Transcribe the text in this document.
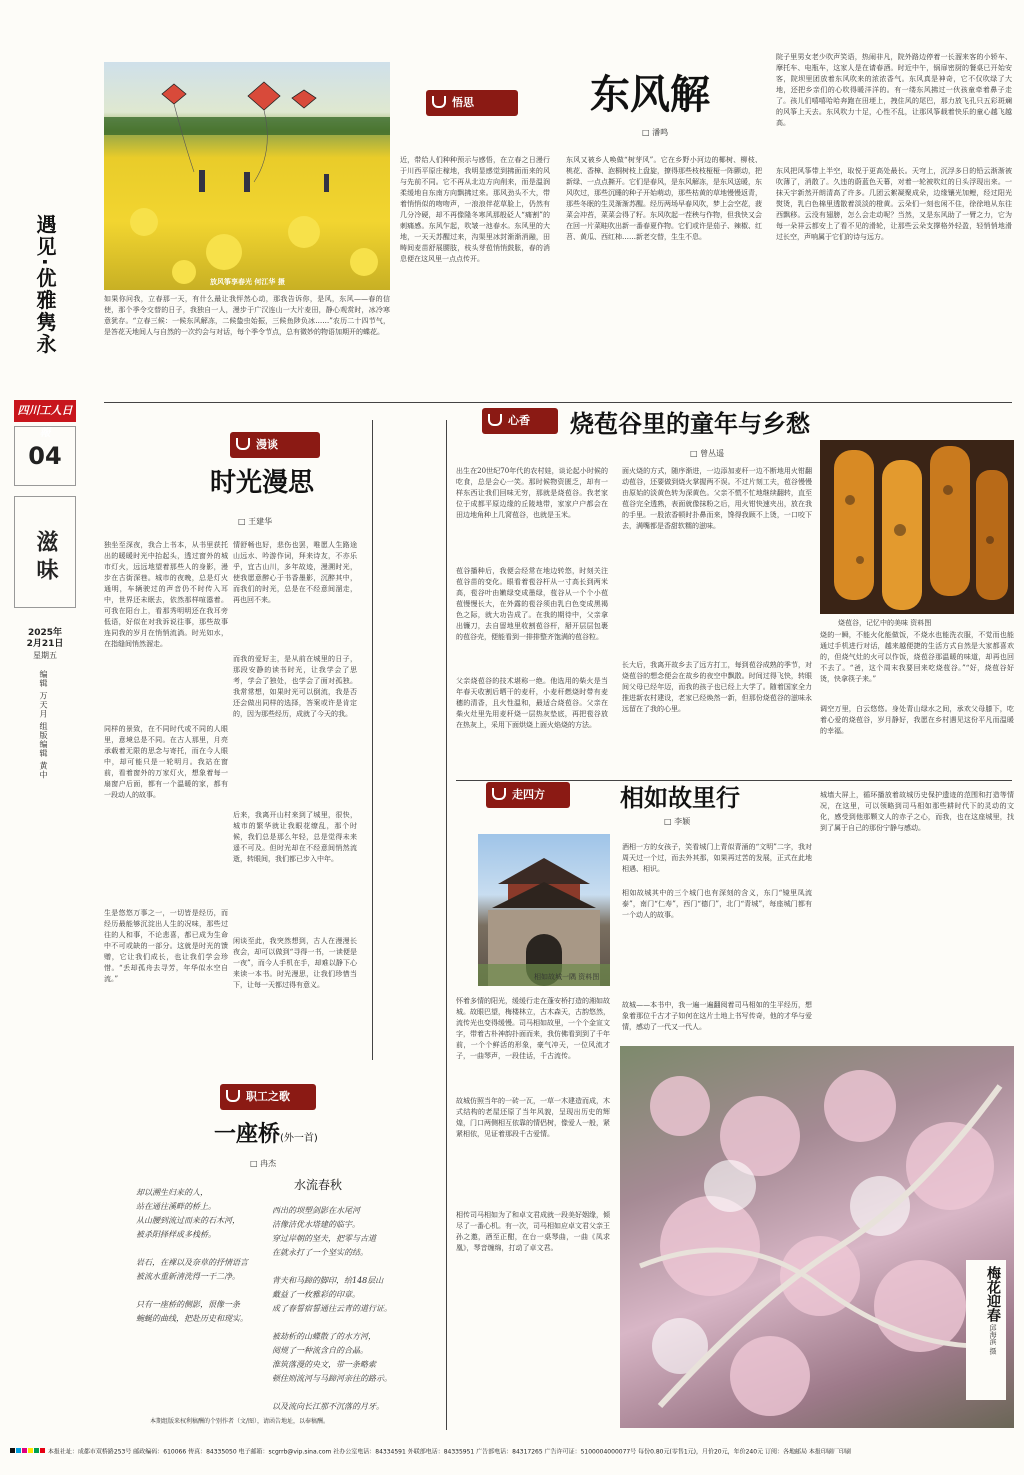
遇见·优雅隽永
四川工人日報
04
滋味
2025年
2月21日
星期五
编辑 万天月 组版编辑 黄中
放风筝享春光 何江华 摄
如果你问我，立春那一天，有什么最让我怦然心动，那我告诉你，是风，东风——春的信使，那个季令交替的日子，我独自一人，漫步于广汉连山一大片麦田，静心观赏时，冰冷寒意犹存。“立春三候：一候东风解冻，二候蛰虫始振，三候鱼陟负冰……”农历二十四节气，是答花天地间人与自然的一次约会与对话，每个季令节点，总有微妙的物语加期开的蝶花。
悟思	东风解
□ 潘鸣
近，带给人们种种预示与感悟，在立春之日漫行于川西平原庄稼地，我明显感觉到拂面而来的风与先前不同。它不再从北边方向削来，而是温润柔缓地自东南方向飘拂过来。那风劲头不大，带着悄悄似的吻吻声，一浪浪伴花草脸上，仍然有几分冷硬，却不再像隆冬寒风那般砭人“痛割”的刺痛感。东风乍起，吹皱一池春水。东风里的大地，一天天苏醒过来，沟渠里冰封渐渐消融，田畴间麦苗舒展腰肢，枝头芽苞悄悄鼓胀，春的消息便在这风里一点点传开。
东风又被乡人唤做“树芽风”。它在乡野小河边的椰树、柳枝、桃花、香樟、泡桐树枝上盘旋，撩得那些枝枝桠桠一阵颤动，把新绿、一点点撕开。它们是春风，是东风解冻，是东风送暖，东风吹过，那些沉睡的种子开始萌动，那些枯黄的草地慢慢返青，那些冬眠的生灵渐渐苏醒。经历两场早春风吹，梦上会空花，菠菜会冲苔，菜菜会得了籽。东风吹起一茬秧与作物，但我快又会在回一片菜畦吹出新一番春夏作物。它们或许是茄子、辣椒、红苕、黄瓜、西红柿……新老交替，生生不息。
院子里男女老少吹声笑语，热闹非凡，院外路边停着一长溜来客的小轿车、摩托车、电瓶车，这家人是在请春酒。时近中午，锅扉密厨的餐桌已开始安客，院坝里团放着东风吹来的浓浓香气。东风真是神奇，它不仅吹绿了大地，还把乡亲们的心吹得暖洋洋的。有一缕东风拂过一伙孩童牵着鼻子走了。孩儿们嘻嘻哈哈奔跑在田埂上，拽住风的尾巴，那力放飞孔只五彩斑斓的风筝上天去。东风吹力十足，心性不乱，让那风筝载着快乐的童心越飞越高。
东风把风筝带上半空，取悦于更高处最长。天穹上，沉浮多日的铅云渐渐被吹薄了，消散了。久违的蔚蓝色天幕，对着一轮被吹红的日头浮现出来。一抹天宇新然开朗清高了许多。几团云絮凝聚成朵，边缘镶光加鲤，经过阳光熨烫，乳白色棉里透散着淡淡的橙黄。云朵们一刻也闲不住，徐徐地从东往西飘移。云没有翅膀，怎么会走动呢？当然，又是东风助了一臂之力，它为每一朵祥云都安上了看不见的滑轮，让那些云朵支撑格外轻盈，轻悄悄地滑过长空，声响属于它们的诗与远方。
漫谈
时光漫思
□ 王建华
独坐至深夜，我合上书本，从书里获托出的暖暖时光中抬起头，透过窗外的城市灯火，远远地望着那些人的身影，漫步在古街深巷。城市的夜晚，总是灯火通明，车辆驶过的声音仍不时传入耳中，世界还未眠去，依然那样喧嚣着。可我在阳台上，看那秀明明还在我耳旁低语，好似在对我诉说往事，那些故事连同我的岁月在悄悄流淌。时光如水，在指缝间悄然溜走。
同样的景致，在不同时代或不同的人眼里，意境总是不同。在古人那里，月亮承载着无限的思念与寄托，而在今人眼中，却可能只是一轮明月。我站在窗前，看着窗外的万家灯火，想象着每一扇窗户后面，都有一个温暖的家，都有一段动人的故事。
生是悠悠万事之一，一切皆是经历，而经历最能够沉淀出人生的况味，那些过往的人和事，不论悲喜，都已成为生命中不可或缺的一部分。这就是时光的馈赠，它让我们成长，也让我们学会珍惜。“丢却孤舟去寻芳，年华似水空自流。”
情舒畅也好，悲伤也罢，唯愿人生路途山远水、吟游作词，拜来诗友，不亦乐乎，宜古山川，多年故迹，漫溯时光，使我愿意醉心于书香墨影，沉醉其中，而我们的时光，总是在不经意间溜走，再也回不来。
而我的爱好主，是从前在城里的日子，那段安静的读书时光，让我学会了思考，学会了独处，也学会了面对孤独。我常常想，如果时光可以倒流，我是否还会做出同样的选择，答案或许是肯定的，因为那些经历，成就了今天的我。
后来，我离开山村来到了城里，很快，城市的繁华就让我眼花缭乱，那个时候，我们总是那么年轻，总是觉得未来遥不可及。但时光却在不经意间悄然流逝，转眼间，我们都已步入中年。
闲谈至此，我突然想到，古人在漫漫长夜会，却可以做到“寻得一书，一读便是一夜”，而今人手机在手，却难以静下心来读一本书。时光漫思，让我们珍惜当下，让每一天都过得有意义。
心香	烧苞谷里的童年与乡愁
□ 曾丛遥
出生在20世纪70年代的农村娃，谈论起小时候的吃食，总是会心一笑。那时候物资匮乏，却有一样东西让我们回味无穷，那就是烧苞谷。我老家位于成都平原边缘的丘陵地带，家家户户都会在田边地角种上几窝苞谷，也就是玉米。
苞谷播种后，我便会经常在地边转悠，时刻关注苞谷苗的变化。眼看着苞谷杆从一寸高长到两米高，苞谷叶由嫩绿变成墨绿，苞谷从一个个小苞苞慢慢长大，在外露的苞谷须由乳白色变成黑褐色之际，就大功告成了。在我的期待中，父亲拿出镰刀，去自留地里收割苞谷杆，掰开层层包裹的苞谷壳，便能看到一排排整齐饱满的苞谷粒。
父亲烧苞谷的技术堪称一绝。他选用的柴火是当年春天收割后晒干的麦秆，小麦秆燃烧时带有麦穗的清香，且火性温和，最适合烧苞谷。父亲在柴火灶里先用麦秆烧一层热灰垫底，再把苞谷放在热灰上，采用下面烘烧上面火焰烧的方法。
面火烧的方式，随序渐进，一边添加麦秆一边不断地用火钳翻动苞谷，还要做到烧火掌握两不误。不过片刻工夫，苞谷慢慢由原始的淡黄色转为深黄色。父亲不慌不忙地继续翻转，直至苞谷完全透熟，表面就像抹粉之后，用火钳快速夹出，放在我的手里。一股浓香顿时扑鼻而来，馋得我顾不上烫，一口咬下去，满嘴都是香甜软糯的滋味。
长大后，我离开故乡去了远方打工，每到苞谷成熟的季节，对烧苞谷的想念便会在故乡的夜空中飘散。时间过得飞快，转眼间父母已经年迈，而我的孩子也已经上大学了。随着国家全力推进新农村建设，老家已经焕然一新，但那份烧苞谷的滋味永远留在了我的心里。
烧苞谷，记忆中的美味 资料图
烧的一瞬，不能火化能做饭，不烧水也能洗衣服，不觉而也能通过手机进行对话，越来越便捷的生活方式自然是大家都喜欢的，但烧气灶的火可以作饭，烧苞谷那温暖的味道，却再也回不去了。“爸，这个周末我要回来吃烧苞谷。”“好，烧苞谷好烫，快拿筷子来。”
调空万里，白云悠悠。身处青山绿水之间，承欢父母膝下，吃着心爱的烧苞谷，岁月静好，我愿在乡村遇见这份平凡而温暖的幸福。
走四方	相如故里行
□ 李颖
相如故城一隅 资料图
酒相一方的女孩子，笑看城门上青似青涌的“文明”二字，我对周天过一个过，而去外其那，如果再过苦的发展，正式在此地相遇、相识。
相如故城其中的三个城门也有深刻的含义，东门“镜里凤流泰”，南门“仁寿”，西门“德门”，北门“青城”，每座城门都有一个动人的故事。
故城——本书中，我一遍一遍翻阅着司马相如的生平经历，想象着那位千古才子如何在这片土地上书写传奇，他的才华与爱情，感动了一代又一代人。
城墙大屏上，循环播放着故城历史保护遗迹的范围和打造等情况，在这里，可以领略到司马相如那些耕时代下的灵动的文化，感受到他那颗文人的赤子之心，而我，也在这座城里，找到了属于自己的那份宁静与感动。
怀着多情的阳光，缓缓行走在蓬安桥打造的湘如故城。故眼巴望，梅楼林立，古木森天，古韵悠然，流传光也变得缓慢。司马相如故里，一个个金宣文字，带着古朴神韵扑面而来，我仿佛看到到了千年前，一个个鲜活的形象，豪气冲天，一位风流才子，一曲琴声，一段佳话，千古流传。
故城仿照当年的一砖一瓦，一草一木建造而成，木式结构的老屋还原了当年风貌，呈现出历史的辉煌，门口两侧相互依靠的情侣树，像爱人一般，紧紧相依，见证着那段千古爱情。
相传司马相如为了和卓文君成就一段美好姻缘，倾尽了一番心机。有一次，司马相如应卓文君父亲王孙之邀，酒至正酣，在台一桌琴曲，一曲《凤求凰》，琴音缠绵，打动了卓文君。
梅花迎春 邱海滨 摄
职工之歌
一座桥(外一首)
□ 冉杰
却以溯生归来的人，
站在通往溪畔的桥上。
从山腰到流过而来的石木河，
被杀阳择样成多栈桥。

岩石，在裸以及奈草的抒情语言
被流水重新清洗得一干二净。

只有一座桥的侧影，很像一条
蜿蜒的曲线，把赴历史和现实。
水流春秋
西出的坝塑剑影在水尾河
洁像洁优水塔建的临宇。
穿过岸朝的坚夫，把零与古道
在就永打了一个坚实的结。

背夫和马蹄的脚印，给148层山
戴益了一枚雅彩的印章。
成了春誓宿誓通往云青的道行证。

被劫析的山蝶散了的水方河，
阅规了一种流含自的合晶。
淮筑落漫的央文，带一条略索
顿住则流河与马蹄河亲往的路示。

以及流向长江那不沉落的月牙。
本期组版来权利稿酬的个别作者（文/图），请函告地址，以奉稿酬。
本报社址：成都市双桥路253号 邮政编码：610066 传真：84335050 电子邮箱：scgrrb@vip.sina.com 社办公室电话：84334591 外联部电话：84335951 广告部电话：84317265 广告许可证：5100004000077号 每份0.80元(零售1元)，月价20元，年价240元 订阅：各地邮局 本报印刷厂印刷
